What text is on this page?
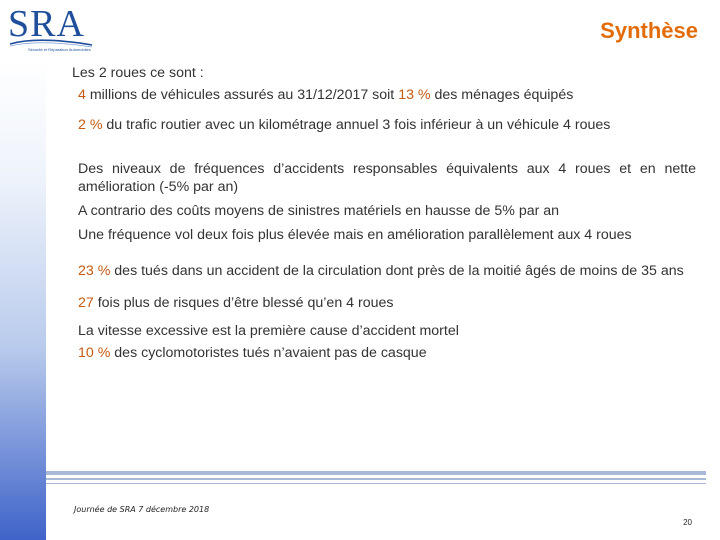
SRA
Sécurité et Réparation Automobiles
Synthèse

Les 2 roues ce sont :

4 millions de véhicules assurés au 31/12/2017 soit 13 % des ménages équipés

2 % du trafic routier avec un kilométrage annuel 3 fois inférieur à un véhicule 4 roues

Des niveaux de fréquences d’accidents responsables équivalents aux 4 roues et en nette amélioration (-5% par an)

A contrario des coûts moyens de sinistres matériels en hausse de 5% par an

Une fréquence vol deux fois plus élevée mais en amélioration parallèlement aux 4 roues

23 % des tués dans un accident de la circulation dont près de la moitié âgés de moins de 35 ans

27 fois plus de risques d’être blessé qu’en 4 roues

La vitesse excessive est la première cause d’accident mortel

10 % des cyclomotoristes tués n’avaient pas de casque

Journée de SRA 7 décembre 2018
20
